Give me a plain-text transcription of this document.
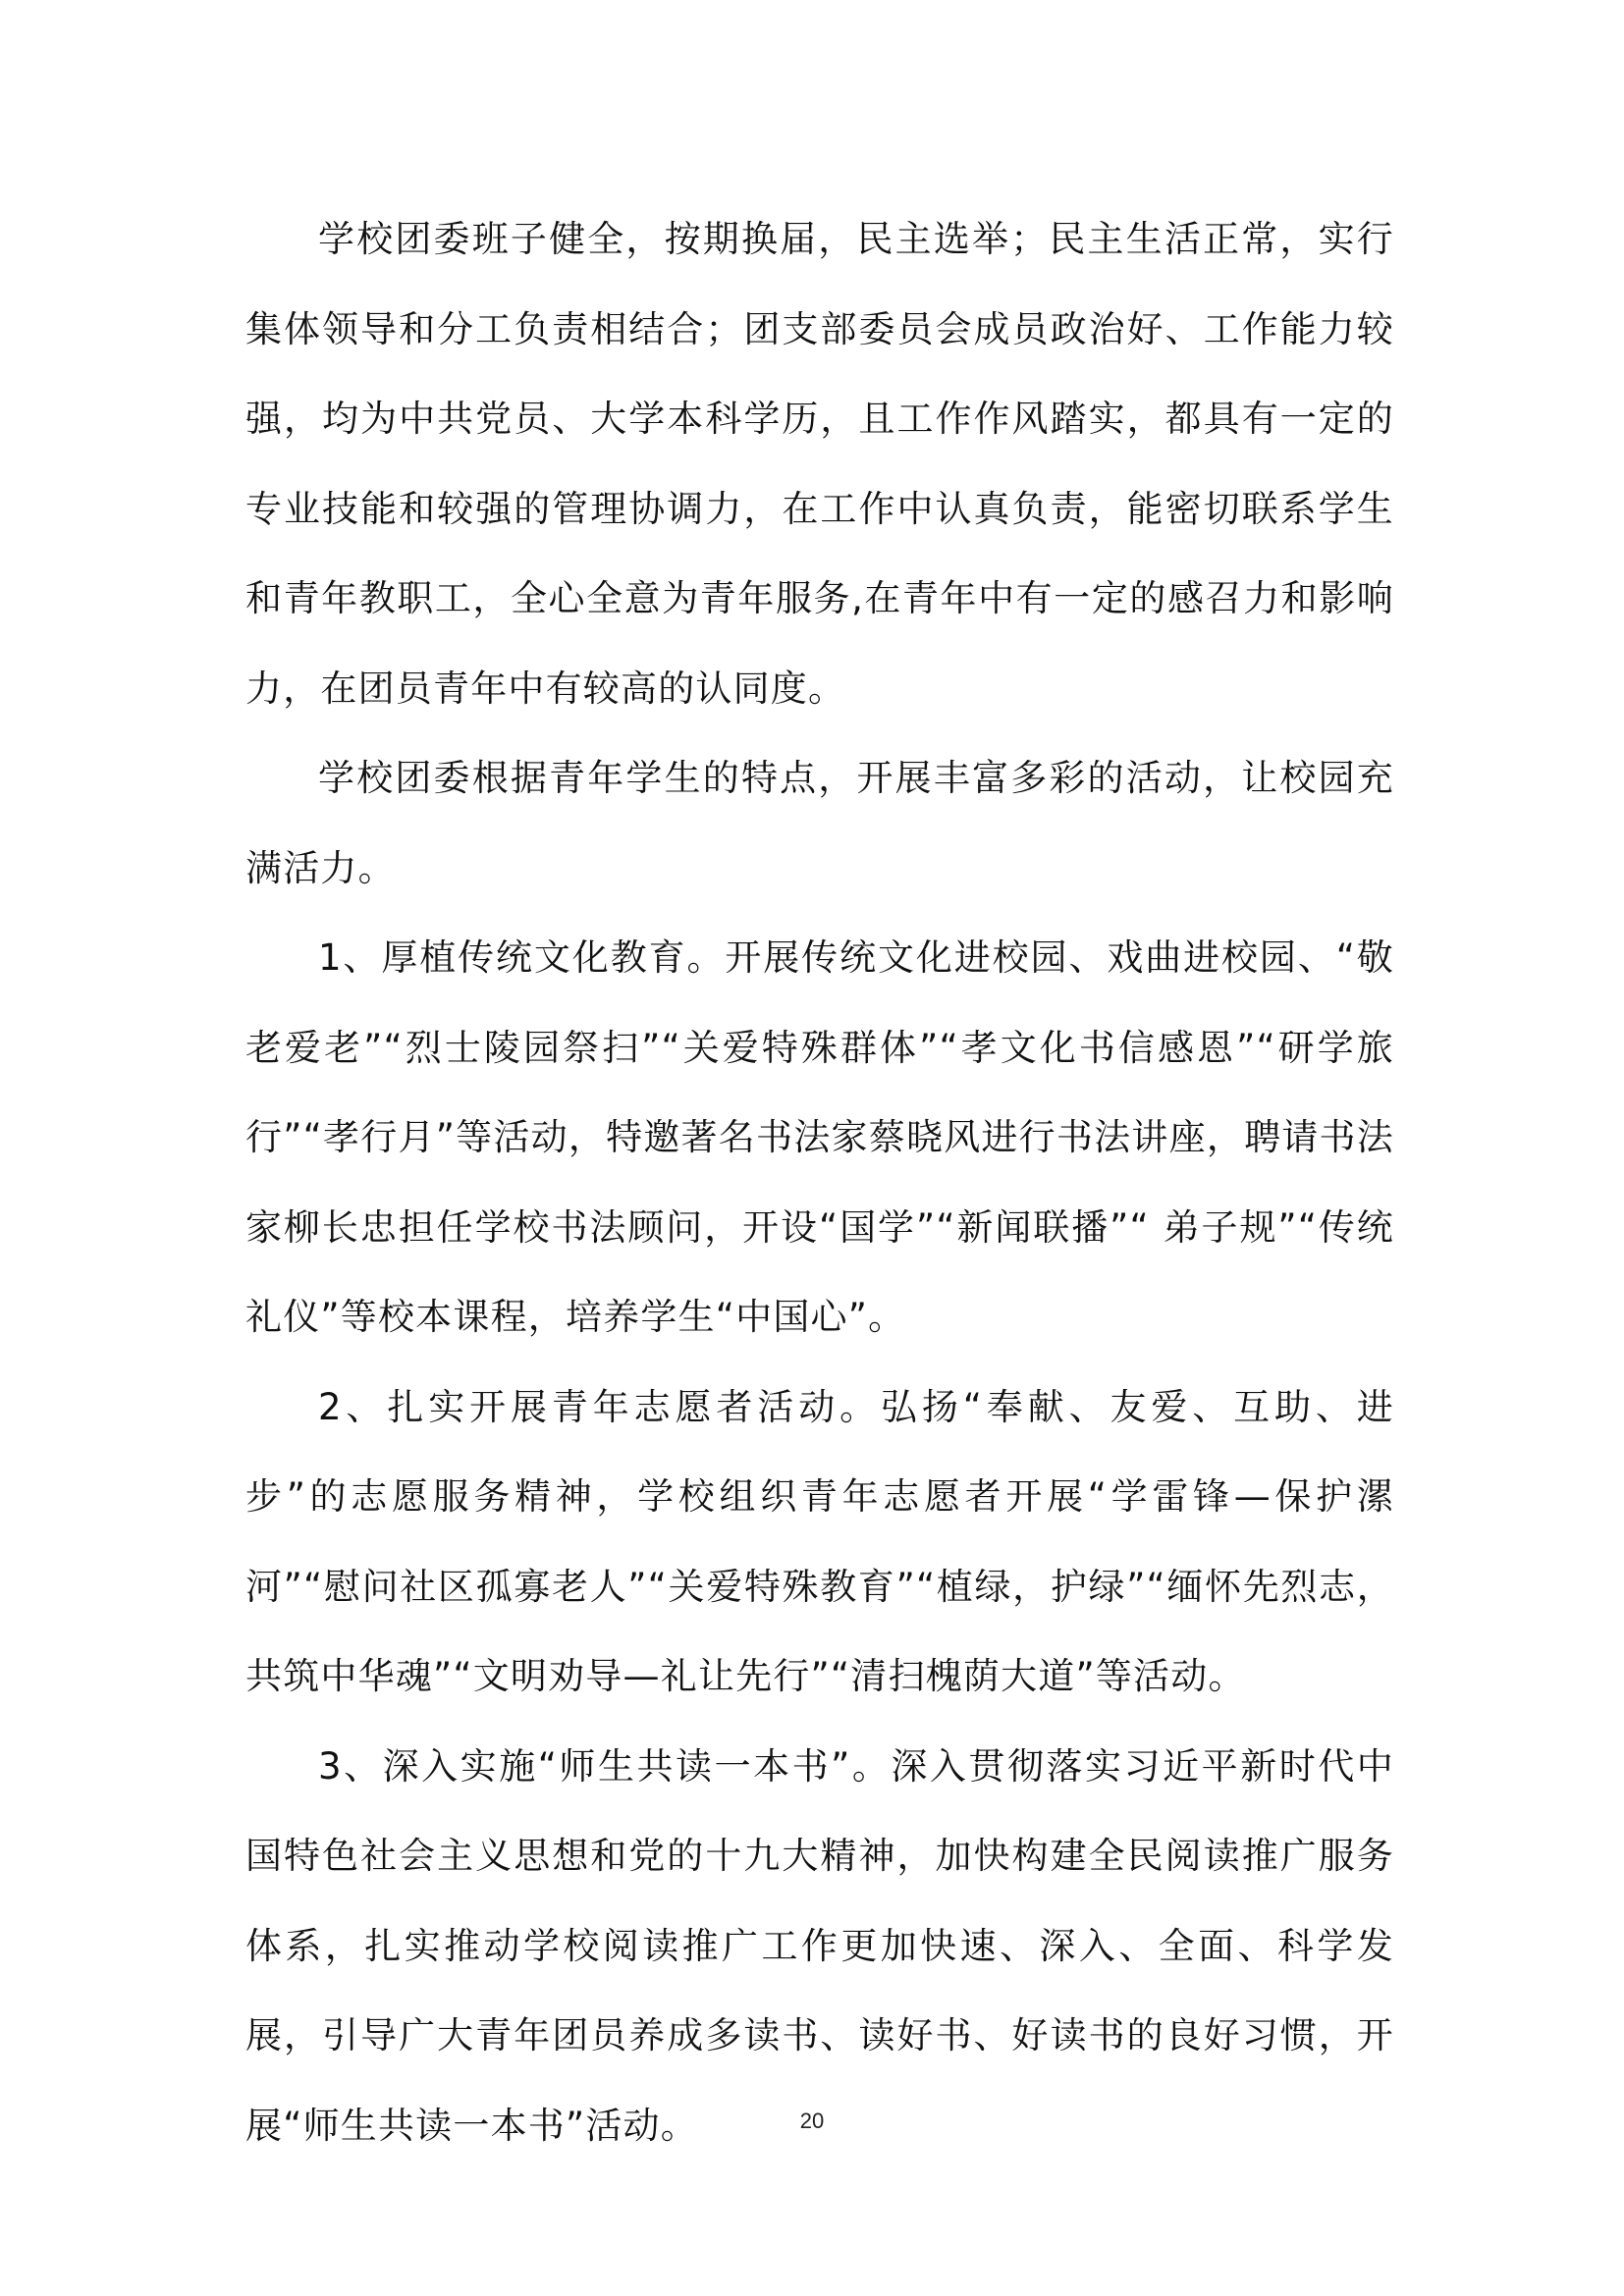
学校团委班子健全，按期换届，民主选举；民主生活正常，实行集体领导和分工负责相结合；团支部委员会成员政治好、工作能力较强，均为中共党员、大学本科学历，且工作作风踏实，都具有一定的专业技能和较强的管理协调力，在工作中认真负责，能密切联系学生和青年教职工，全心全意为青年服务,在青年中有一定的感召力和影响力，在团员青年中有较高的认同度。

学校团委根据青年学生的特点，开展丰富多彩的活动，让校园充满活力。

1、厚植传统文化教育。开展传统文化进校园、戏曲进校园、“敬老爱老”“烈士陵园祭扫”“关爱特殊群体”“孝文化书信感恩”“研学旅行”“孝行月”等活动，特邀著名书法家蔡晓风进行书法讲座，聘请书法家柳长忠担任学校书法顾问，开设“国学”“新闻联播”“ 弟子规”“传统礼仪”等校本课程，培养学生“中国心”。

2、扎实开展青年志愿者活动。弘扬“奉献、友爱、互助、进步”的志愿服务精神，学校组织青年志愿者开展“学雷锋—保护漯河”“慰问社区孤寡老人”“关爱特殊教育”“植绿，护绿”“缅怀先烈志，共筑中华魂”“文明劝导—礼让先行”“清扫槐荫大道”等活动。

3、深入实施“师生共读一本书”。深入贯彻落实习近平新时代中国特色社会主义思想和党的十九大精神，加快构建全民阅读推广服务体系，扎实推动学校阅读推广工作更加快速、深入、全面、科学发展，引导广大青年团员养成多读书、读好书、好读书的良好习惯，开展“师生共读一本书”活动。	20
